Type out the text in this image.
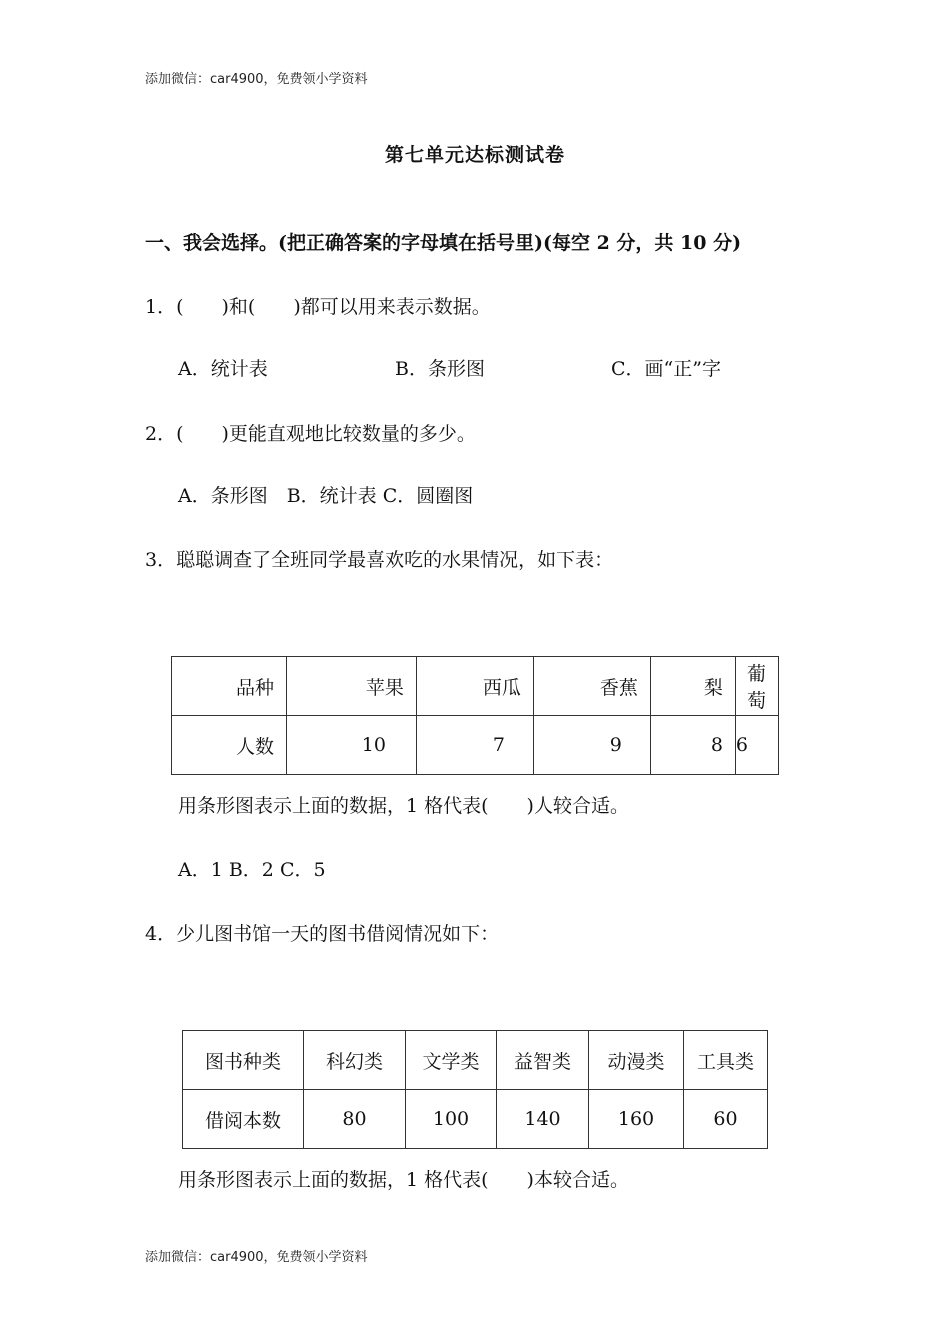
添加微信：car4900，免费领小学资料
第七单元达标测试卷
一、我会选择。(把正确答案的字母填在括号里)(每空 2 分，共 10 分)
1．(　　)和(　　)都可以用来表示数据。
A．统计表	B．条形图	C．画“正”字
2．(　　)更能直观地比较数量的多少。
A．条形图　B．统计表 C．圆圈图
3．聪聪调查了全班同学最喜欢吃的水果情况，如下表：
品种	苹果	西瓜	香蕉	梨	葡萄
人数	10	7	9	8	6
用条形图表示上面的数据，1 格代表(　　)人较合适。
A．1 B．2 C．5
4．少儿图书馆一天的图书借阅情况如下：
图书种类	科幻类	文学类	益智类	动漫类	工具类
借阅本数	80	100	140	160	60
用条形图表示上面的数据，1 格代表(　　)本较合适。
添加微信：car4900，免费领小学资料
